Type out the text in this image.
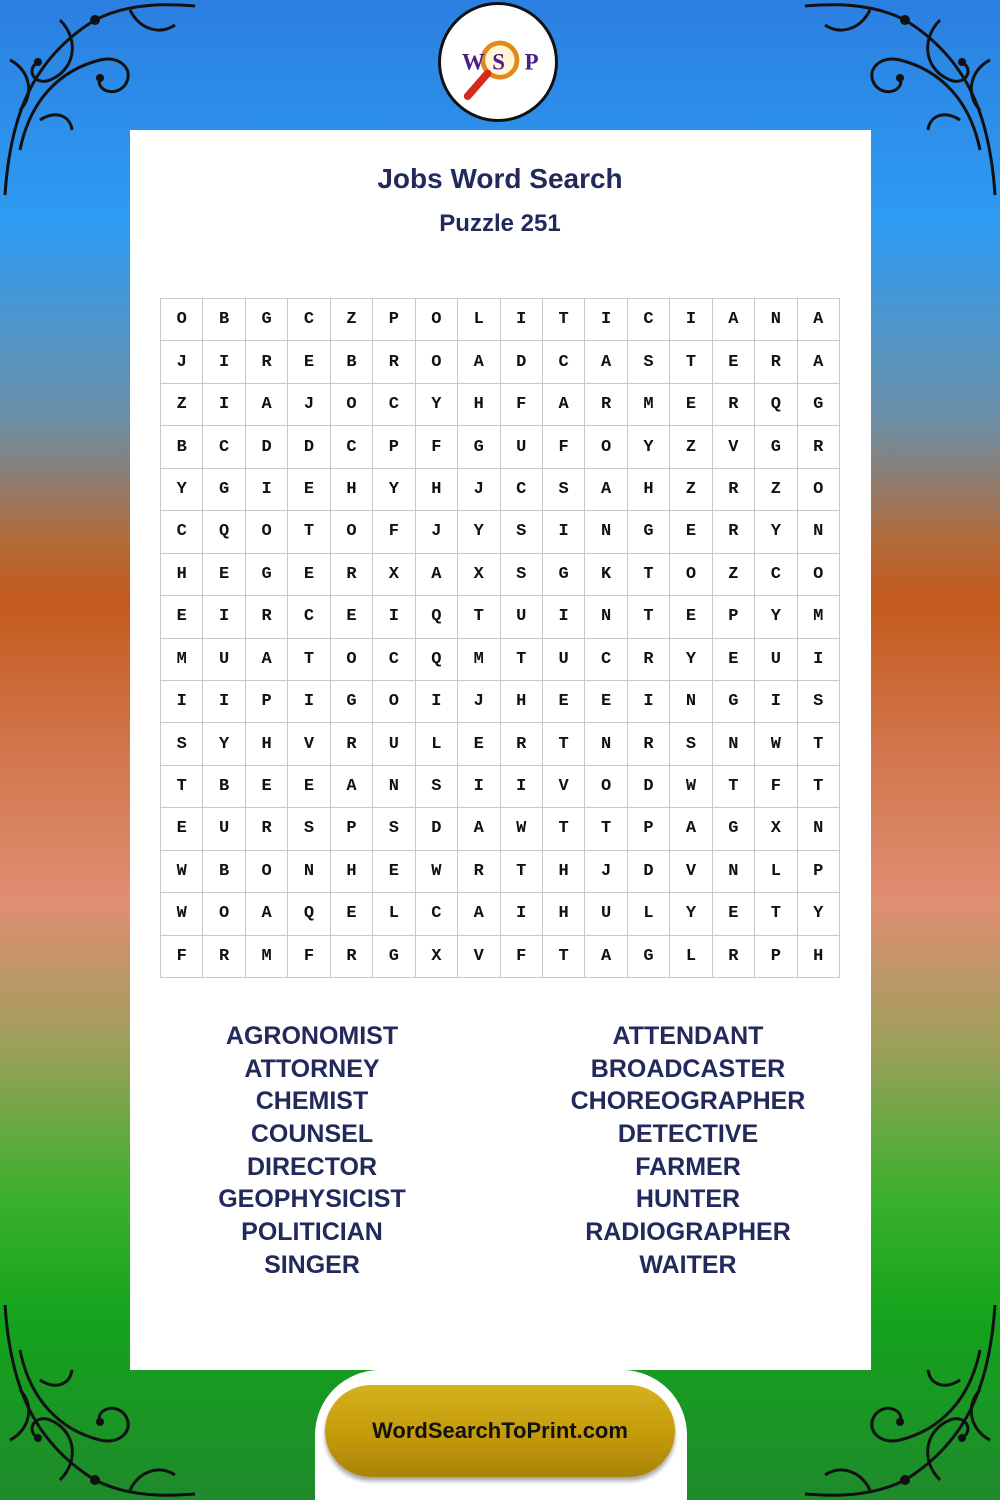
W S P
Jobs Word Search
Puzzle 251
O	B	G	C	Z	P	O	L	I	T	I	C	I	A	N	A
J	I	R	E	B	R	O	A	D	C	A	S	T	E	R	A
Z	I	A	J	O	C	Y	H	F	A	R	M	E	R	Q	G
B	C	D	D	C	P	F	G	U	F	O	Y	Z	V	G	R
Y	G	I	E	H	Y	H	J	C	S	A	H	Z	R	Z	O
C	Q	O	T	O	F	J	Y	S	I	N	G	E	R	Y	N
H	E	G	E	R	X	A	X	S	G	K	T	O	Z	C	O
E	I	R	C	E	I	Q	T	U	I	N	T	E	P	Y	M
M	U	A	T	O	C	Q	M	T	U	C	R	Y	E	U	I
I	I	P	I	G	O	I	J	H	E	E	I	N	G	I	S
S	Y	H	V	R	U	L	E	R	T	N	R	S	N	W	T
T	B	E	E	A	N	S	I	I	V	O	D	W	T	F	T
E	U	R	S	P	S	D	A	W	T	T	P	A	G	X	N
W	B	O	N	H	E	W	R	T	H	J	D	V	N	L	P
W	O	A	Q	E	L	C	A	I	H	U	L	Y	E	T	Y
F	R	M	F	R	G	X	V	F	T	A	G	L	R	P	H
AGRONOMIST
ATTORNEY
CHEMIST
COUNSEL
DIRECTOR
GEOPHYSICIST
POLITICIAN
SINGER
ATTENDANT
BROADCASTER
CHOREOGRAPHER
DETECTIVE
FARMER
HUNTER
RADIOGRAPHER
WAITER
WordSearchToPrint.com
